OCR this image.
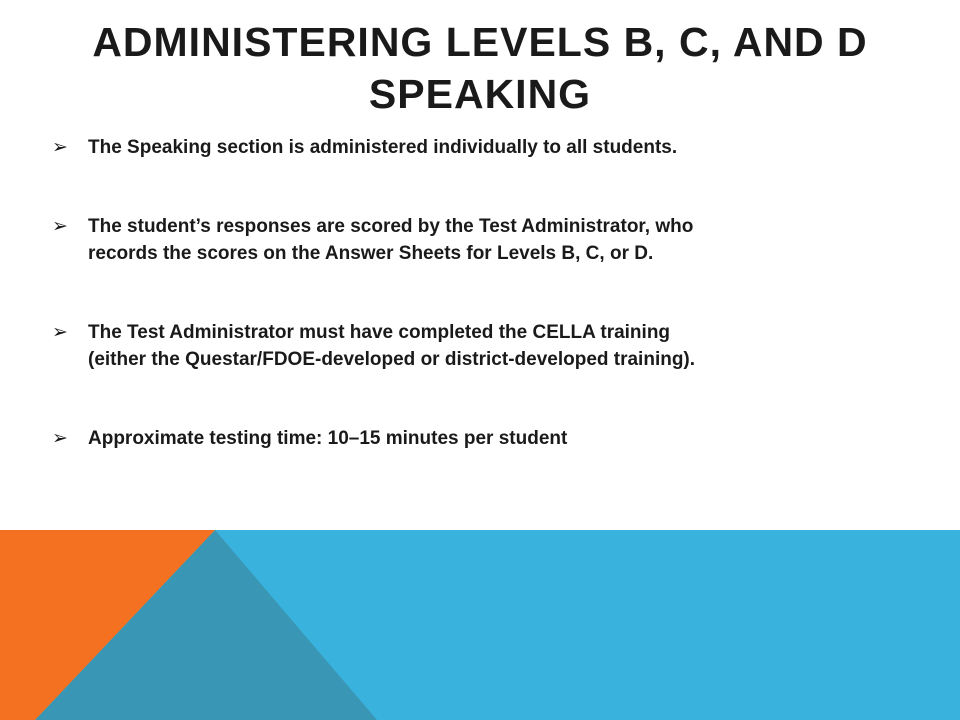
ADMINISTERING LEVELS B, C, AND D
SPEAKING
➢	The Speaking section is administered individually to all students.
➢	The student’s responses are scored by the Test Administrator, who
records the scores on the Answer Sheets for Levels B, C, or D.
➢	The Test Administrator must have completed the CELLA training
(either the Questar/FDOE-developed or district-developed training).
➢	Approximate testing time: 10–15 minutes per student
